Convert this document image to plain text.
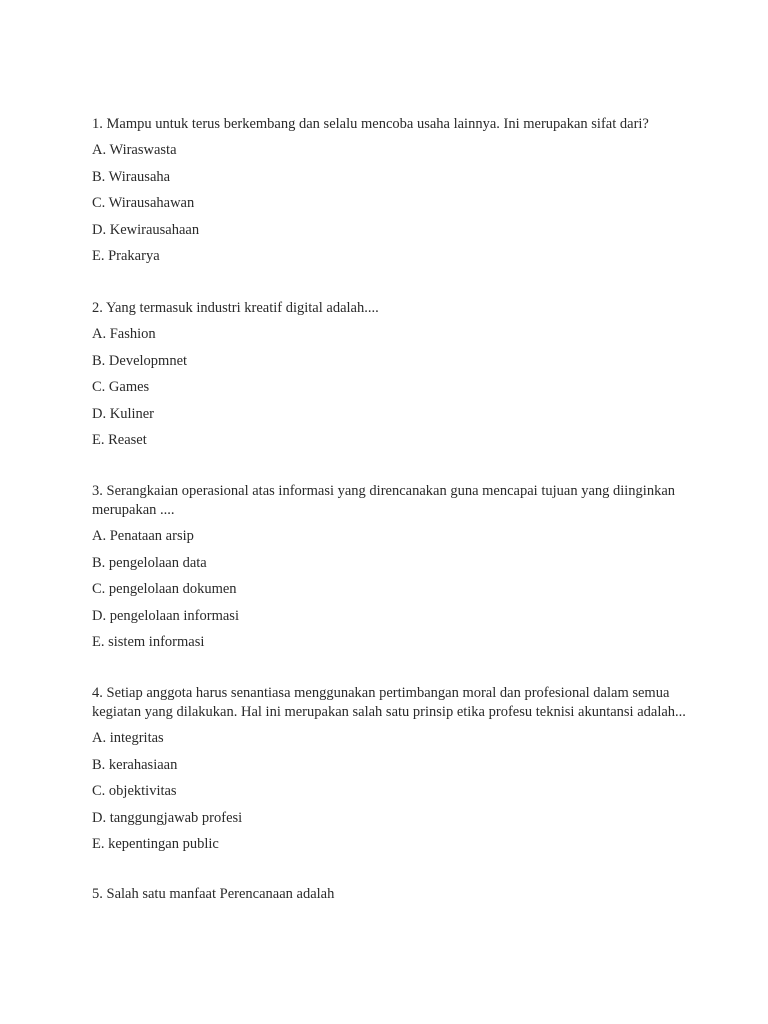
1. Mampu untuk terus berkembang dan selalu mencoba usaha lainnya. Ini merupakan sifat dari?

A. Wiraswasta

B. Wirausaha

C. Wirausahawan

D. Kewirausahaan

E. Prakarya

2. Yang termasuk industri kreatif digital adalah....

A. Fashion

B. Developmnet

C. Games

D. Kuliner

E. Reaset

3. Serangkaian operasional atas informasi yang direncanakan guna mencapai tujuan yang diinginkan merupakan ....

A. Penataan arsip

B. pengelolaan data

C. pengelolaan dokumen

D. pengelolaan informasi

E. sistem informasi

4. Setiap anggota harus senantiasa menggunakan pertimbangan moral dan profesional dalam semua kegiatan yang dilakukan. Hal ini merupakan salah satu prinsip etika profesu teknisi akuntansi adalah...

A. integritas

B. kerahasiaan

C. objektivitas

D. tanggungjawab profesi

E. kepentingan public

5. Salah satu manfaat Perencanaan adalah
